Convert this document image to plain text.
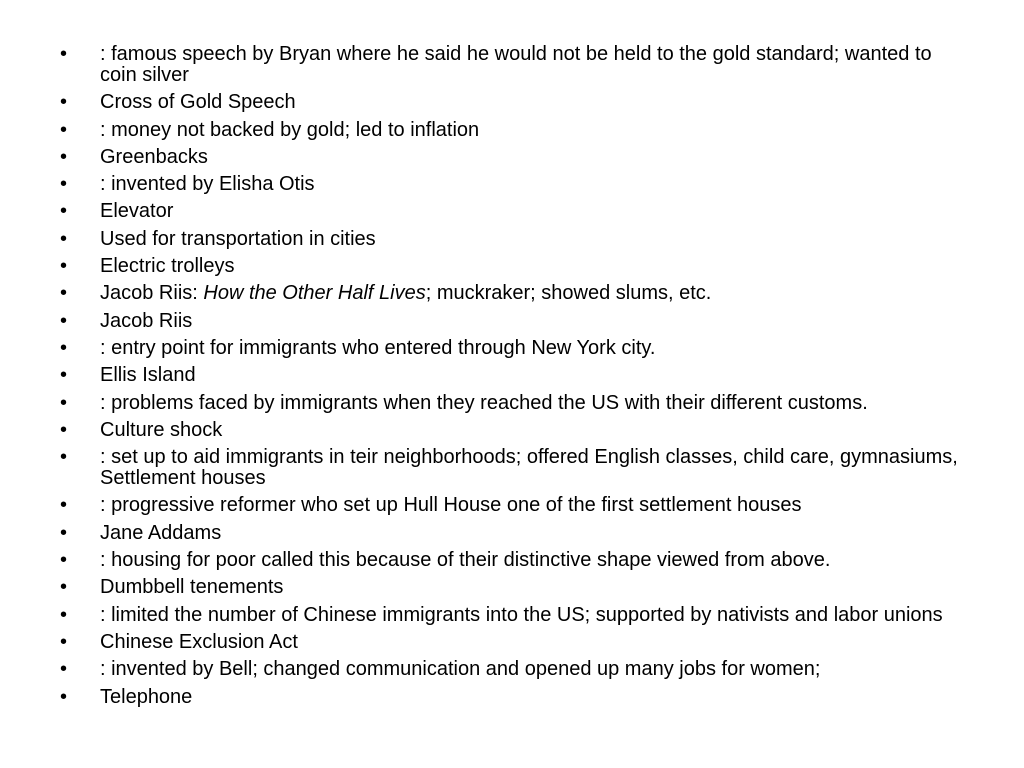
• : famous speech by Bryan where he said he would not be held to the gold standard; wanted to coin silver
• Cross of Gold Speech
• : money not backed by gold; led to inflation
• Greenbacks
• : invented by Elisha Otis
• Elevator
• Used for transportation in cities
• Electric trolleys
• Jacob Riis: How the Other Half Lives; muckraker; showed slums, etc.
• Jacob Riis
• : entry point for immigrants who entered through New York city.
• Ellis Island
• : problems faced by immigrants when they reached the US with their different customs.
• Culture shock
• : set up to aid immigrants in teir neighborhoods; offered English classes, child care, gymnasiums, Settlement houses
• : progressive reformer who set up Hull House one of the first settlement houses
• Jane Addams
• : housing for poor called this because of their distinctive shape viewed from above.
• Dumbbell tenements
• : limited the number of Chinese immigrants into the US; supported by nativists and labor unions
• Chinese Exclusion Act
• : invented by Bell; changed communication and opened up many jobs for women;
• Telephone
